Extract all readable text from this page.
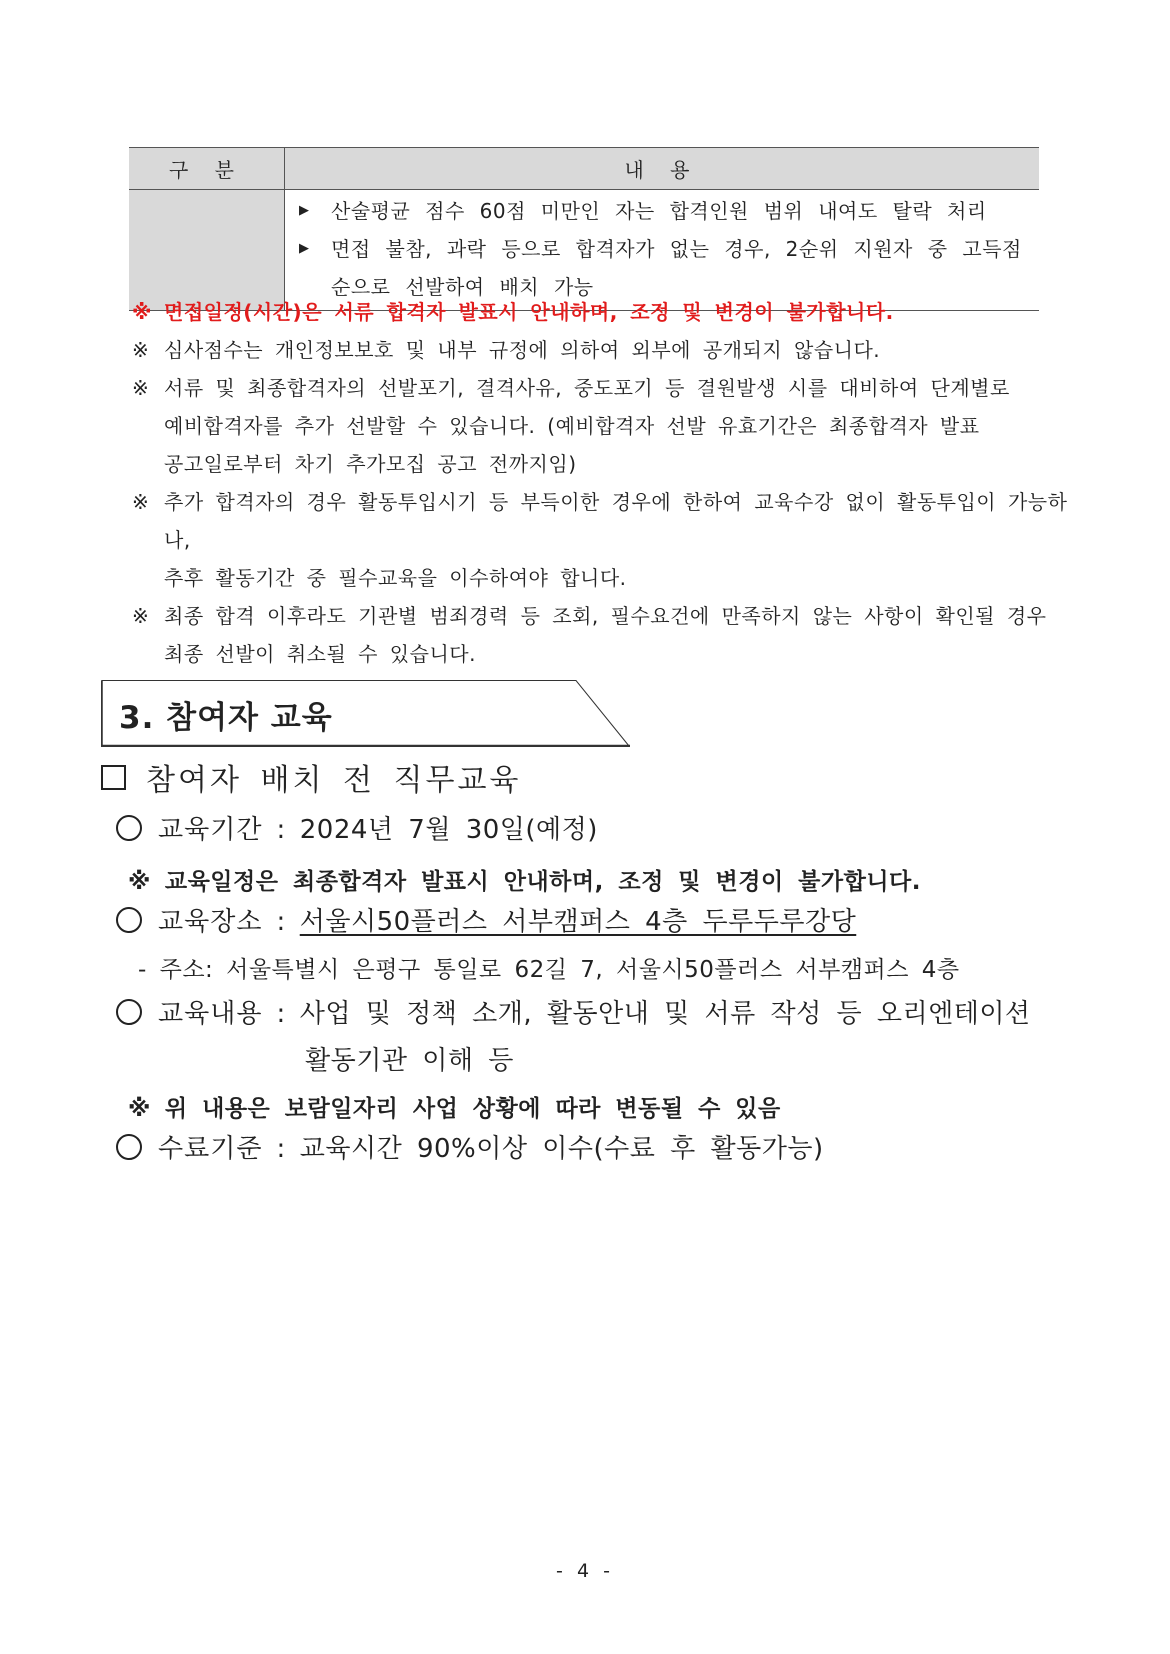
구 분	내 용

	▶ 산술평균 점수 60점 미만인 자는 합격인원 범위 내여도 탈락 처리
▶ 면접 불참, 과락 등으로 합격자가 없는 경우, 2순위 지원자 중 고득점
순으로 선발하여 배치 가능
※ 면접일정(시간)은 서류 합격자 발표시 안내하며, 조정 및 변경이 불가합니다.
※ 심사점수는 개인정보보호 및 내부 규정에 의하여 외부에 공개되지 않습니다.
※ 서류 및 최종합격자의 선발포기, 결격사유, 중도포기 등 결원발생 시를 대비하여 단계별로
예비합격자를 추가 선발할 수 있습니다. (예비합격자 선발 유효기간은 최종합격자 발표
공고일로부터 차기 추가모집 공고 전까지임)
※ 추가 합격자의 경우 활동투입시기 등 부득이한 경우에 한하여 교육수강 없이 활동투입이 가능하나,
추후 활동기간 중 필수교육을 이수하여야 합니다.
※ 최종 합격 이후라도 기관별 범죄경력 등 조회, 필수요건에 만족하지 않는 사항이 확인될 경우
최종 선발이 취소될 수 있습니다.
3. 참여자 교육
참여자 배치 전 직무교육
교육기간 : 2024년 7월 30일(예정)
※ 교육일정은 최종합격자 발표시 안내하며, 조정 및 변경이 불가합니다.
교육장소 : 서울시50플러스 서부캠퍼스 4층 두루두루강당
- 주소: 서울특별시 은평구 통일로 62길 7, 서울시50플러스 서부캠퍼스 4층
교육내용 : 사업 및 정책 소개, 활동안내 및 서류 작성 등 오리엔테이션
활동기관 이해 등
※ 위 내용은 보람일자리 사업 상황에 따라 변동될 수 있음
수료기준 : 교육시간 90%이상 이수(수료 후 활동가능)
- 4 -
